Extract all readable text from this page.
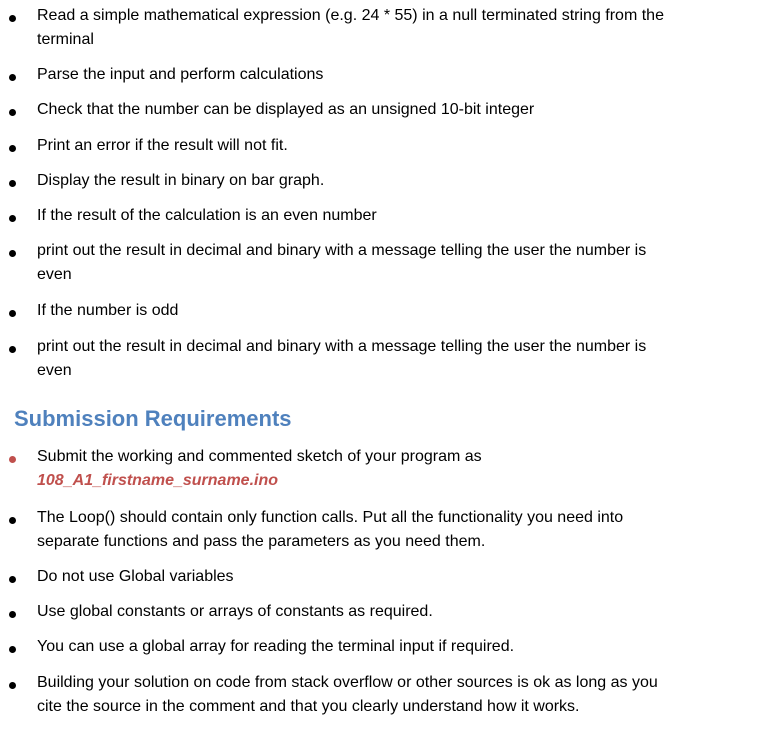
Read a simple mathematical expression (e.g. 24 * 55) in a null terminated string from the
terminal
Parse the input and perform calculations
Check that the number can be displayed as an unsigned 10-bit integer
Print an error if the result will not fit.
Display the result in binary on bar graph.
If the result of the calculation is an even number
print out the result in decimal and binary with a message telling the user the number is
even
If the number is odd
print out the result in decimal and binary with a message telling the user the number is
even
Submission Requirements
Submit the working and commented sketch of your program as
108_A1_firstname_surname.ino
The Loop() should contain only function calls. Put all the functionality you need into
separate functions and pass the parameters as you need them.
Do not use Global variables
Use global constants or arrays of constants as required.
You can use a global array for reading the terminal input if required.
Building your solution on code from stack overflow or other sources is ok as long as you
cite the source in the comment and that you clearly understand how it works.
